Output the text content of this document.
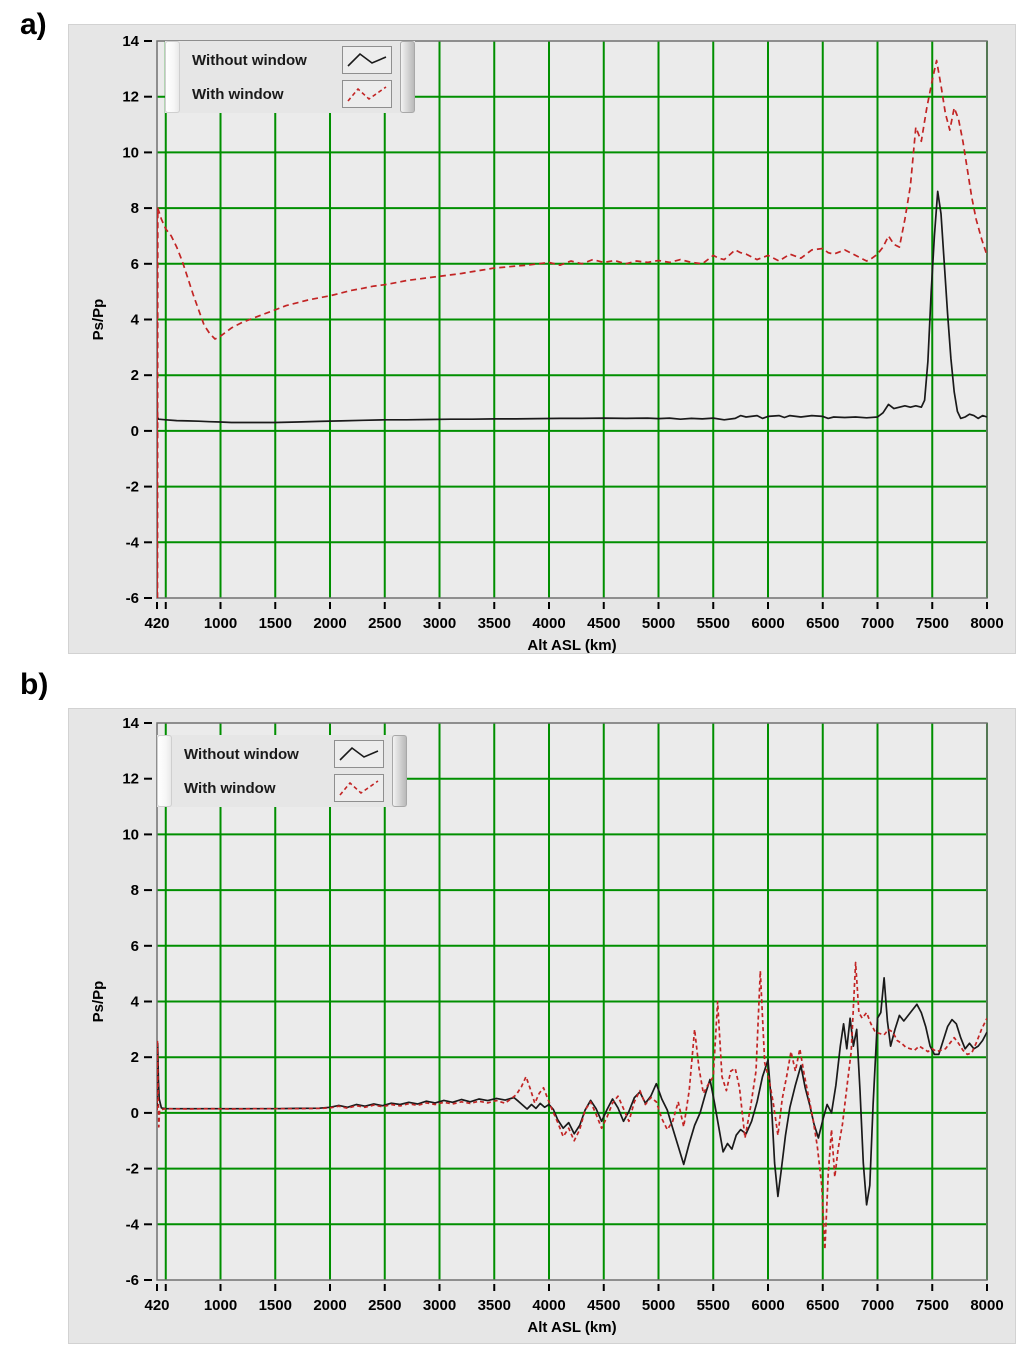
a)
420 1000 1500 2000 2500 3000 3500 4000 4500 5000 5500 6000 6500 7000 7500 8000
14
12
10
8
6
4
2
0
-2
-4
-6
Alt ASL (km)
Ps/Pp
Without window
With window
b)
420 1000 1500 2000 2500 3000 3500 4000 4500 5000 5500 6000 6500 7000 7500 8000
14
12
10
8
6
4
2
0
-2
-4
-6
Alt ASL (km)
Ps/Pp
Without window
With window
